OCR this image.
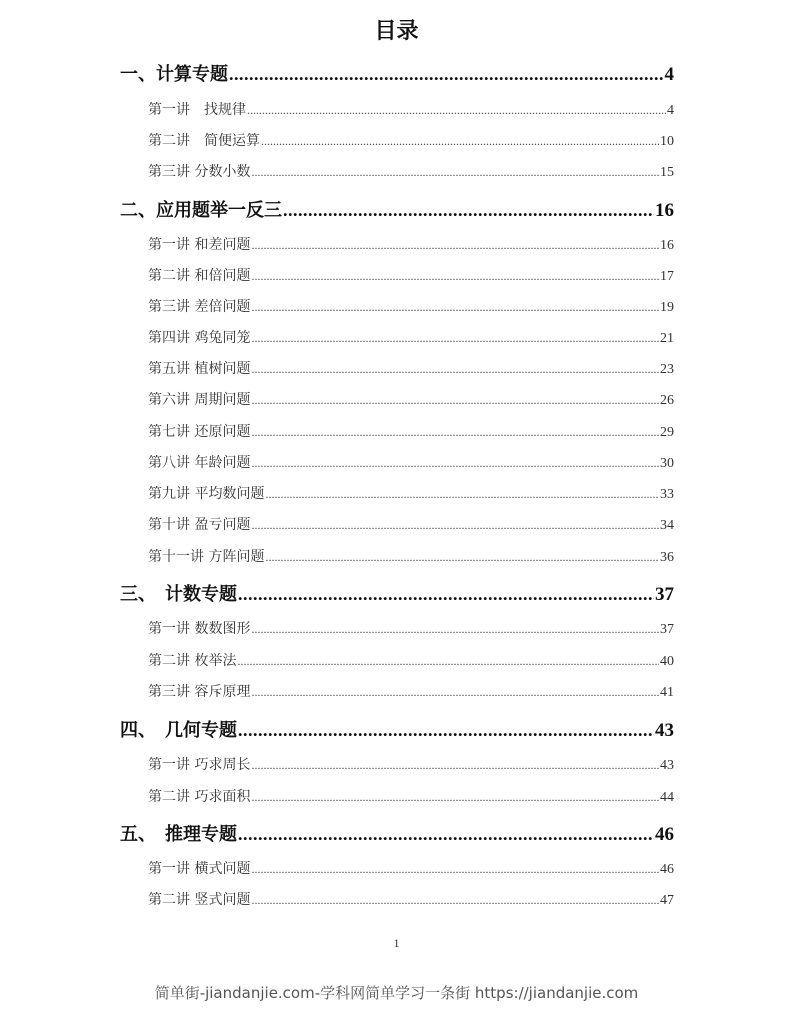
目录
一、计算专题 .....	4
第一讲　找规律 .....	4
第二讲　简便运算 .....	10
第三讲 分数小数 .....	15
二、应用题举一反三 .....	16
第一讲 和差问题 .....	16
第二讲 和倍问题 .....	17
第三讲 差倍问题 .....	19
第四讲 鸡兔同笼 .....	21
第五讲 植树问题 .....	23
第六讲 周期问题 .....	26
第七讲 还原问题 .....	29
第八讲 年龄问题 .....	30
第九讲 平均数问题 .....	33
第十讲 盈亏问题 .....	34
第十一讲 方阵问题 .....	36
三、　计数专题 .....	37
第一讲 数数图形 .....	37
第二讲 枚举法 .....	40
第三讲 容斥原理 .....	41
四、　几何专题 .....	43
第一讲 巧求周长 .....	43
第二讲 巧求面积 .....	44
五、　推理专题 .....	46
第一讲 横式问题 .....	46
第二讲 竖式问题 .....	47
1
简单街-jiandanjie.com-学科网简单学习一条街 https://jiandanjie.com
